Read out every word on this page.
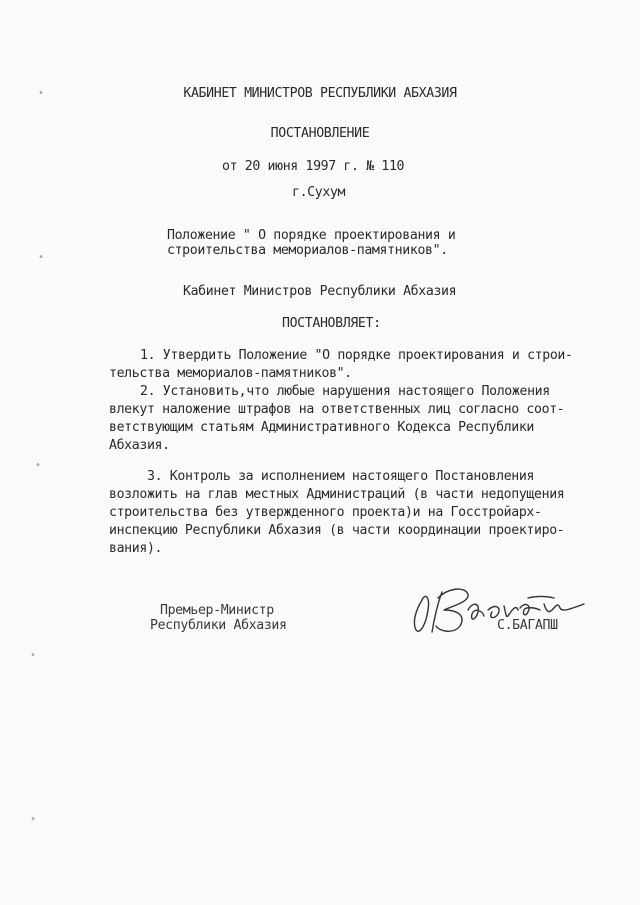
КАБИНЕТ МИНИСТРОВ РЕСПУБЛИКИ АБХАЗИЯ
ПОСТАНОВЛЕНИЕ
от 20 июня 1997 г. № 110
г.Сухум
Положение " О порядке проектирования и
строительства мемориалов-памятников".
Кабинет Министров Республики Абхазия
ПОСТАНОВЛЯЕТ:
1. Утвердить Положение "О порядке проектирования и строи-
тельства мемориалов-памятников".
2. Установить,что любые нарушения настоящего Положения
влекут наложение штрафов на ответственных лиц согласно соот-
ветствующим статьям Административного Кодекса Республики
Абхазия.
3. Контроль за исполнением настоящего Постановления
возложить на глав местных Администраций (в части недопущения
строительства без утвержденного проекта)и на Госстройарх-
инспекцию Республики Абхазия (в части координации проектиро-
вания).
Премьер-Министр
Республики Абхазия	С.БАГАПШ
•
•
•
•
•
